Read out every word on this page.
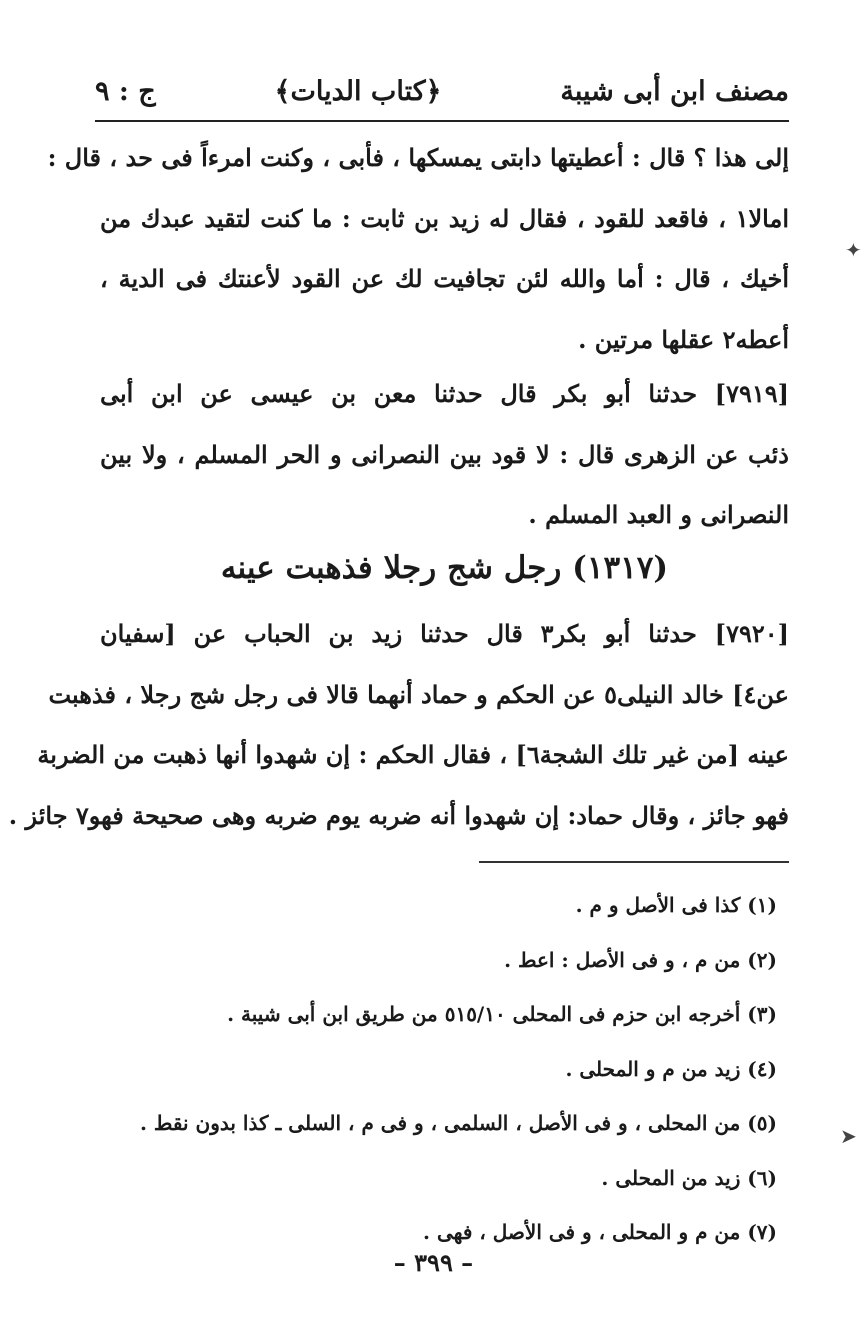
مصنف ابن أبى شيبة
﴿كتاب الديات﴾
ج : ٩
إلى هذا ؟ قال : أعطيتها دابتى يمسكها ، فأبى ، وكنت امرءاً فى حد ، قال :
امالا١ ، فاقعد للقود ، فقال له زيد بن ثابت : ما كنت لتقيد عبدك من
أخيك ، قال : أما والله لئن تجافيت لك عن القود لأعنتك فى الدية ،
أعطه٢ عقلها مرتين .
[٧٩١٩] حدثنا أبو بكر قال حدثنا معن بن عيسى عن ابن أبى
ذئب عن الزهرى قال : لا قود بين النصرانى و الحر المسلم ، ولا بين
النصرانى و العبد المسلم .
(١٣١٧) رجل شج رجلا فذهبت عينه
[٧٩٢٠] حدثنا أبو بكر٣ قال حدثنا زيد بن الحباب عن [سفيان
عن٤] خالد النيلى٥ عن الحكم و حماد أنهما قالا فى رجل شج رجلا ، فذهبت
عينه [من غير تلك الشجة٦] ، فقال الحكم : إن شهدوا أنها ذهبت من الضربة
فهو جائز ، وقال حماد: إن شهدوا أنه ضربه يوم ضربه وهى صحيحة فهو٧ جائز .
(١) كذا فى الأصل و م .
(٢) من م ، و فى الأصل : اعط .
(٣) أخرجه ابن حزم فى المحلى ٥١٥/١٠ من طريق ابن أبى شيبة .
(٤) زيد من م و المحلى .
(٥) من المحلى ، و فى الأصل ، السلمى ، و فى م ، السلى ـ كذا بدون نقط .
(٦) زيد من المحلى .
(٧) من م و المحلى ، و فى الأصل ، فهى .
– ٣٩٩ –
✦
➤
